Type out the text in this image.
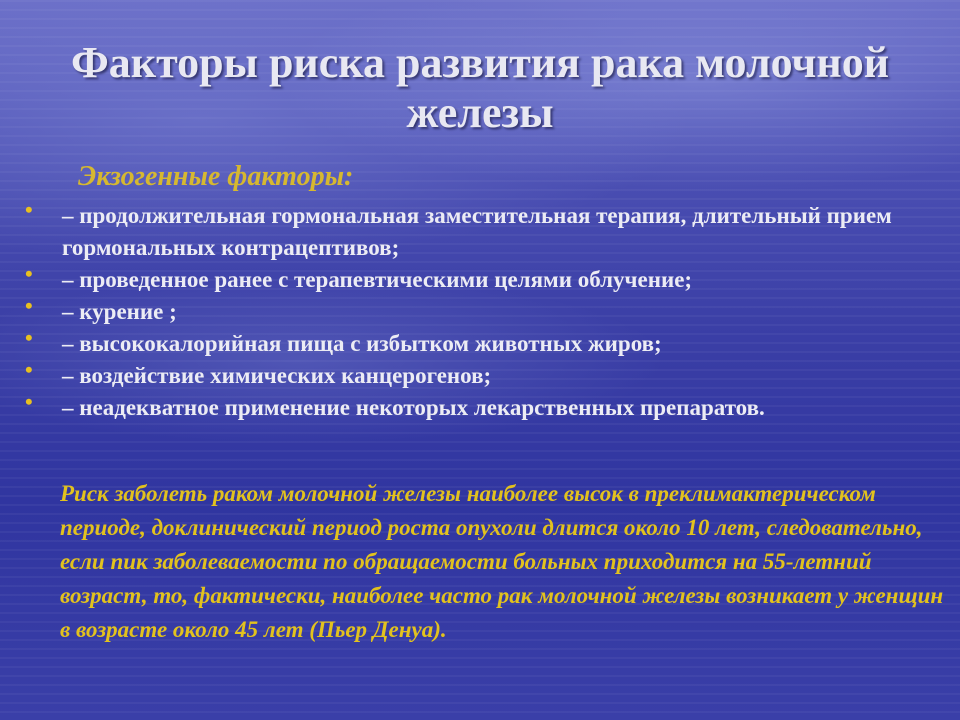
Факторы риска развития рака молочной железы
Экзогенные факторы:
• – продолжительная гормональная заместительная терапия, длительный прием гормональных контрацептивов;
• – проведенное ранее с терапевтическими целями облучение;
• – курение ;
• – высококалорийная пища с избытком животных жиров;
• – воздействие химических канцерогенов;
• – неадекватное применение некоторых лекарственных препаратов.
Риск заболеть раком молочной железы наиболее высок в преклимактерическом периоде, доклинический период роста опухоли длится около 10 лет, следовательно, если пик заболеваемости по обращаемости больных приходится на 55-летний возраст, то, фактически, наиболее часто рак молочной железы возникает у женщин в возрасте около 45 лет (Пьер Денуа).
